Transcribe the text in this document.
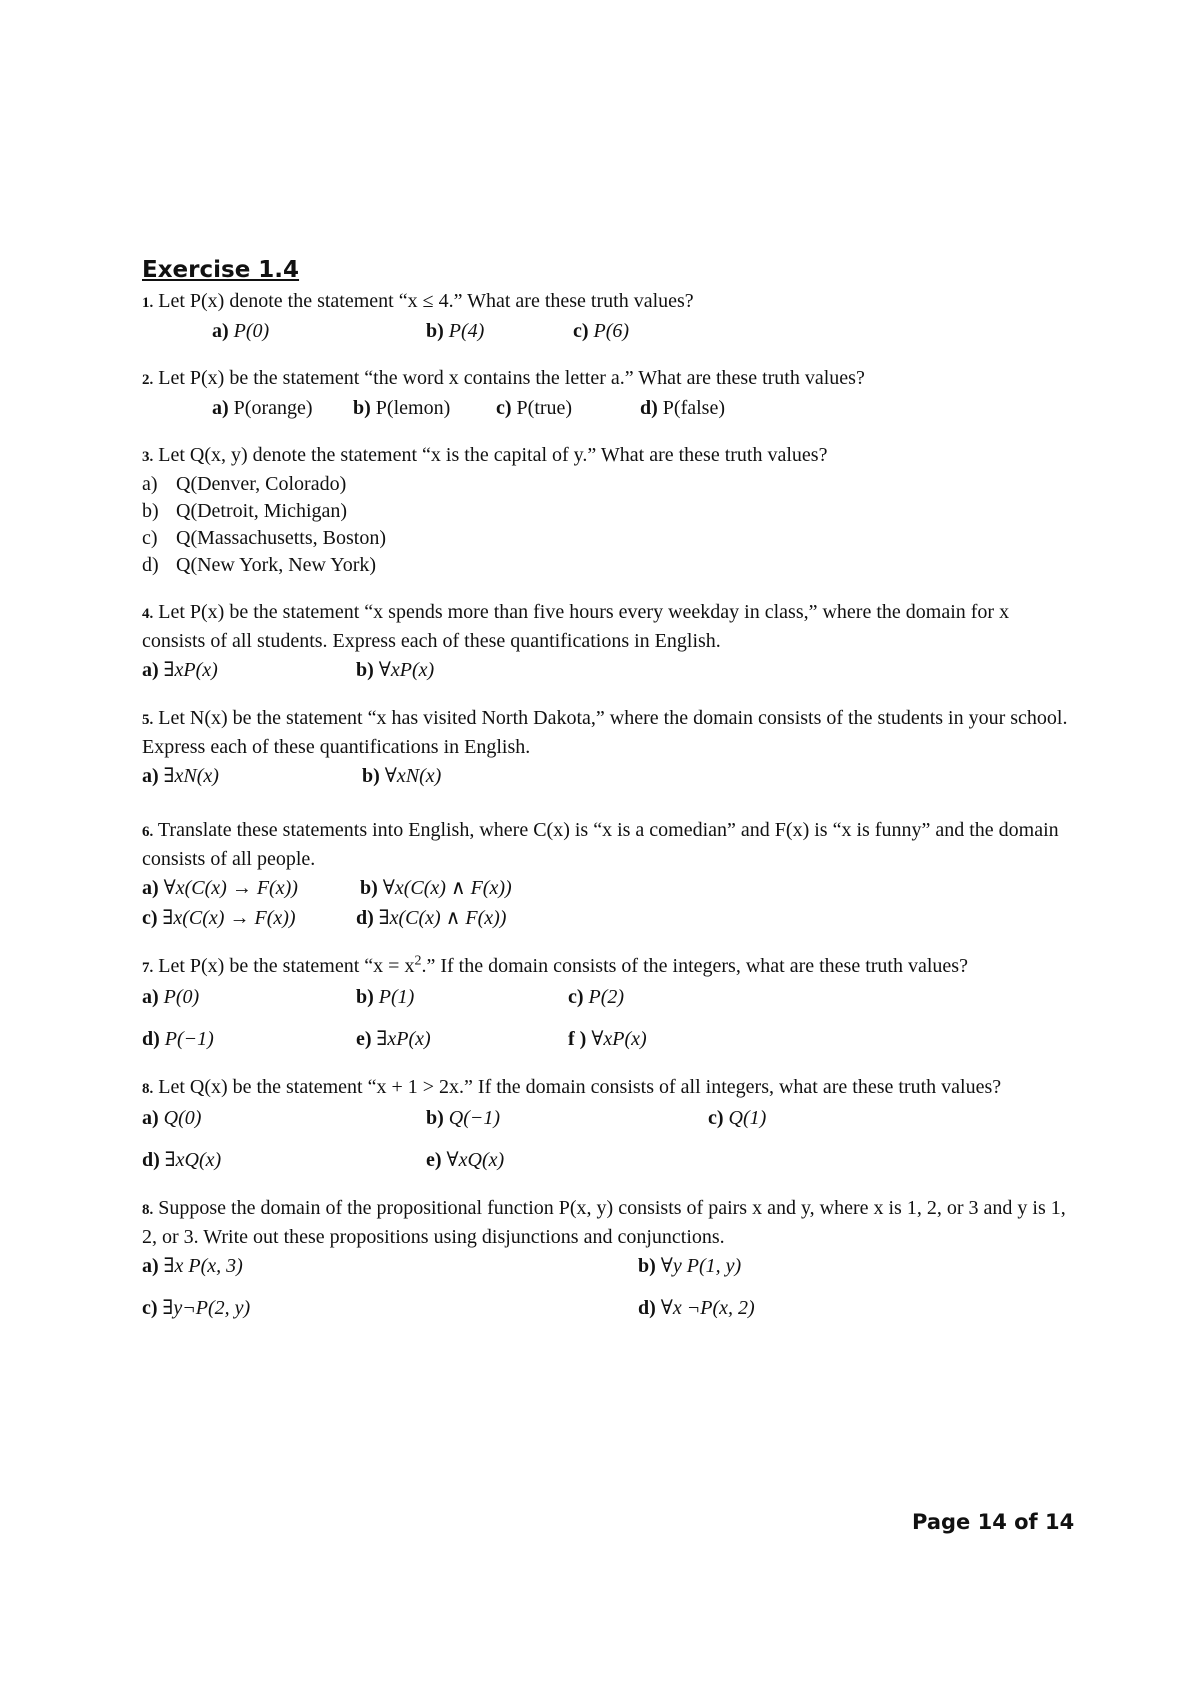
Exercise 1.4
1. Let P(x) denote the statement “x ≤ 4.” What are these truth values?
a) P(0)	b) P(4)	c) P(6)
2. Let P(x) be the statement “the word x contains the letter a.” What are these truth values?
a) P(orange) b) P(lemon) c) P(true)	d) P(false)
3. Let Q(x, y) denote the statement “x is the capital of y.” What are these truth values?
a) Q(Denver, Colorado)
b) Q(Detroit, Michigan)
c) Q(Massachusetts, Boston)
d) Q(New York, New York)
4. Let P(x) be the statement “x spends more than five hours every weekday in class,” where the domain for x consists of all students. Express each of these quantifications in English.
a) ∃xP(x)	b) ∀xP(x)
5. Let N(x) be the statement “x has visited North Dakota,” where the domain consists of the students in your school.
Express each of these quantifications in English.
a) ∃xN(x)	b) ∀xN(x)
6. Translate these statements into English, where C(x) is “x is a comedian” and F(x) is “x is funny” and the domain consists of all people.
a) ∀x(C(x) → F(x))	b) ∀x(C(x) ∧ F(x))
c) ∃x(C(x) → F(x))	d) ∃x(C(x) ∧ F(x))
7. Let P(x) be the statement “$x = x^2$.” If the domain consists of the integers, what are these truth values?
a) P(0)	b) P(1)	c) P(2)
d) P(−1)	e) ∃xP(x)	f ) ∀xP(x)
8. Let Q(x) be the statement “x + 1 > 2x.” If the domain consists of all integers, what are these truth values?
a) Q(0)	b) Q(−1)	c) Q(1)
d) ∃xQ(x)	e) ∀xQ(x)
8. Suppose the domain of the propositional function P(x, y) consists of pairs x and y, where x is 1, 2, or 3 and y is 1, 2, or 3. Write out these propositions using disjunctions and conjunctions.
a) ∃x P(x, 3)	b) ∀y P(1, y)
c) ∃y¬P(2, y)	d) ∀x ¬P(x, 2)
Page 14 of 14
